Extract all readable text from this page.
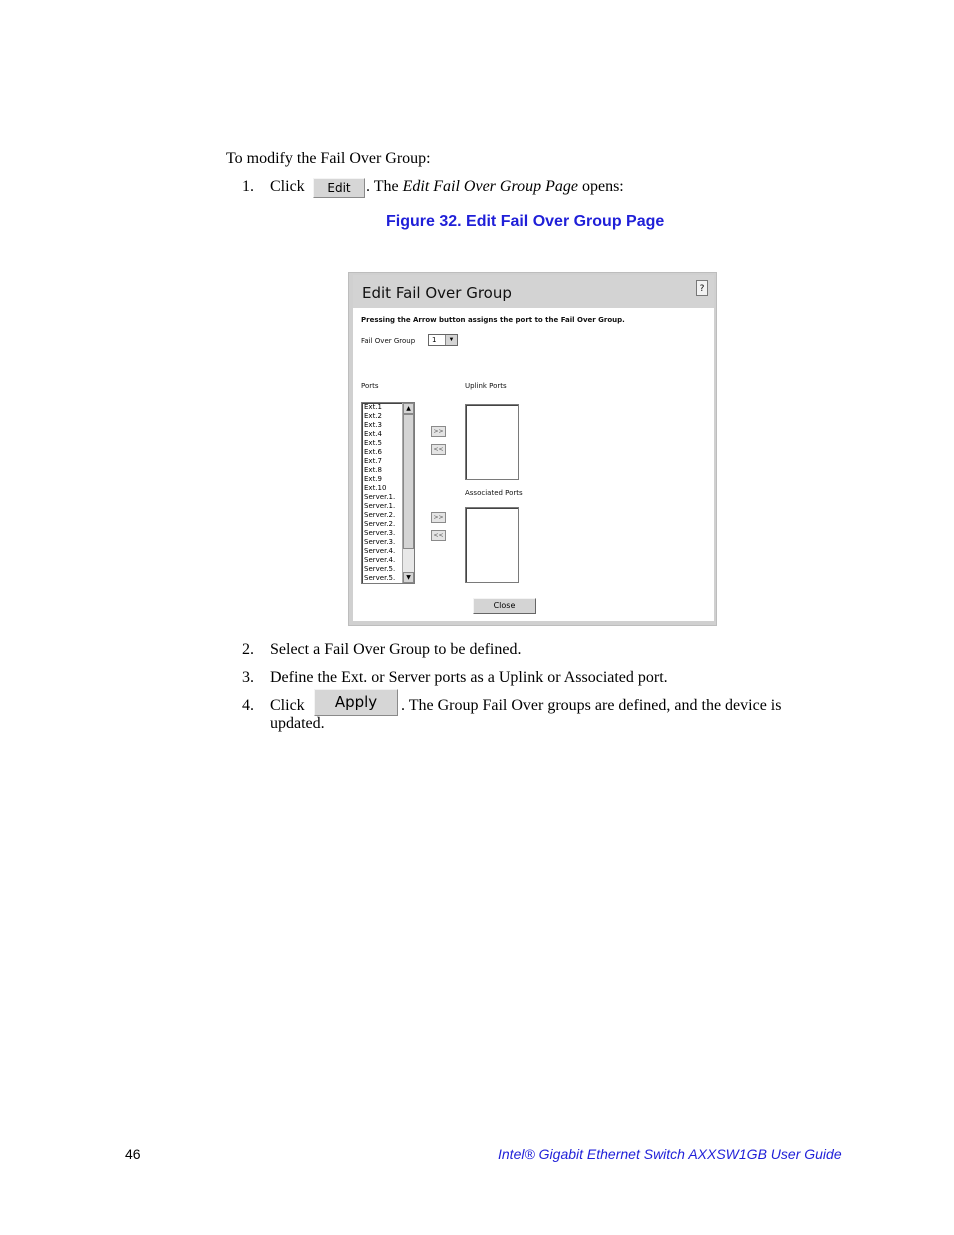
To modify the Fail Over Group:
1. Click	Edit . The Edit Fail Over Group Page opens:
Figure 32. Edit Fail Over Group Page
Edit Fail Over Group	?
Pressing the Arrow button assigns the port to the Fail Over Group.
Fail Over Group 1	▼
Ports	Uplink Ports
Ext.1
Ext.2
Ext.3
Ext.4
Ext.5
Ext.6
Ext.7
Ext.8
Ext.9
Ext.10
Server.1.
Server.1.
Server.2.
Server.2.
Server.3.
Server.3.
Server.4.
Server.4.
Server.5.
Server.5.
▲
▼
>>
<<
Associated Ports
>>
<<
Close
2. Select a Fail Over Group to be defined.
3. Define the Ext. or Server ports as a Uplink or Associated port.
4. Click	Apply	. The Group Fail Over groups are defined, and the device is
updated.
46	Intel® Gigabit Ethernet Switch AXXSW1GB User Guide
